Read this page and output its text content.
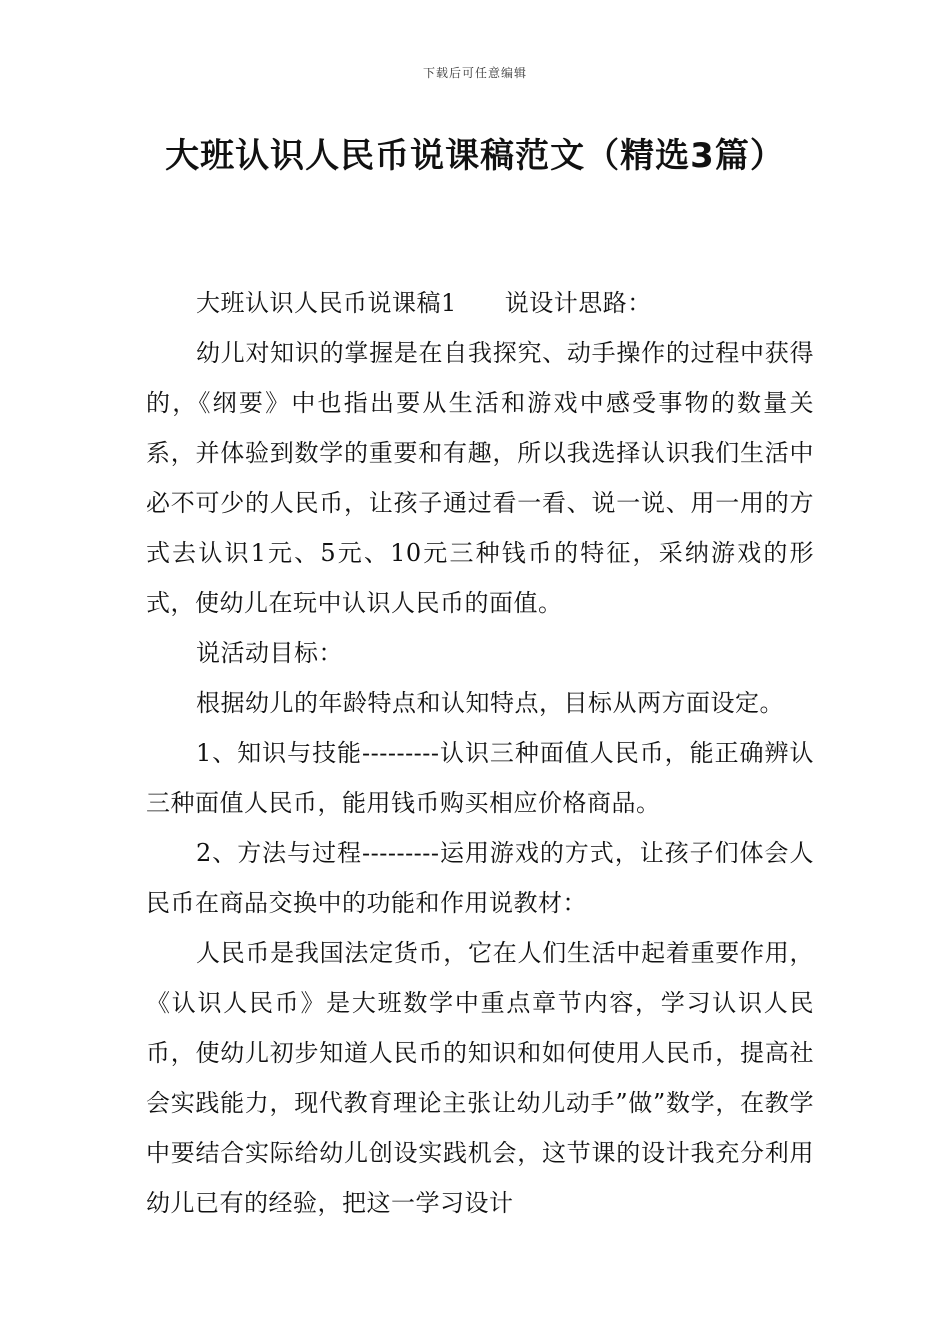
下载后可任意编辑
大班认识人民币说课稿范文（精选3篇）

大班认识人民币说课稿1 说设计思路：

幼儿对知识的掌握是在自我探究、动手操作的过程中获得的，《纲要》中也指出要从生活和游戏中感受事物的数量关系，并体验到数学的重要和有趣，所以我选择认识我们生活中必不可少的人民币，让孩子通过看一看、说一说、用一用的方式去认识1元、5元、10元三种钱币的特征，采纳游戏的形式，使幼儿在玩中认识人民币的面值。

说活动目标：

根据幼儿的年龄特点和认知特点，目标从两方面设定。

1、知识与技能---------认识三种面值人民币，能正确辨认三种面值人民币，能用钱币购买相应价格商品。

2、方法与过程---------运用游戏的方式，让孩子们体会人民币在商品交换中的功能和作用说教材：

人民币是我国法定货币，它在人们生活中起着重要作用，《认识人民币》是大班数学中重点章节内容，学习认识人民币，使幼儿初步知道人民币的知识和如何使用人民币，提高社会实践能力，现代教育理论主张让幼儿动手”做”数学，在教学中要结合实际给幼儿创设实践机会，这节课的设计我充分利用幼儿已有的经验，把这一学习设计
